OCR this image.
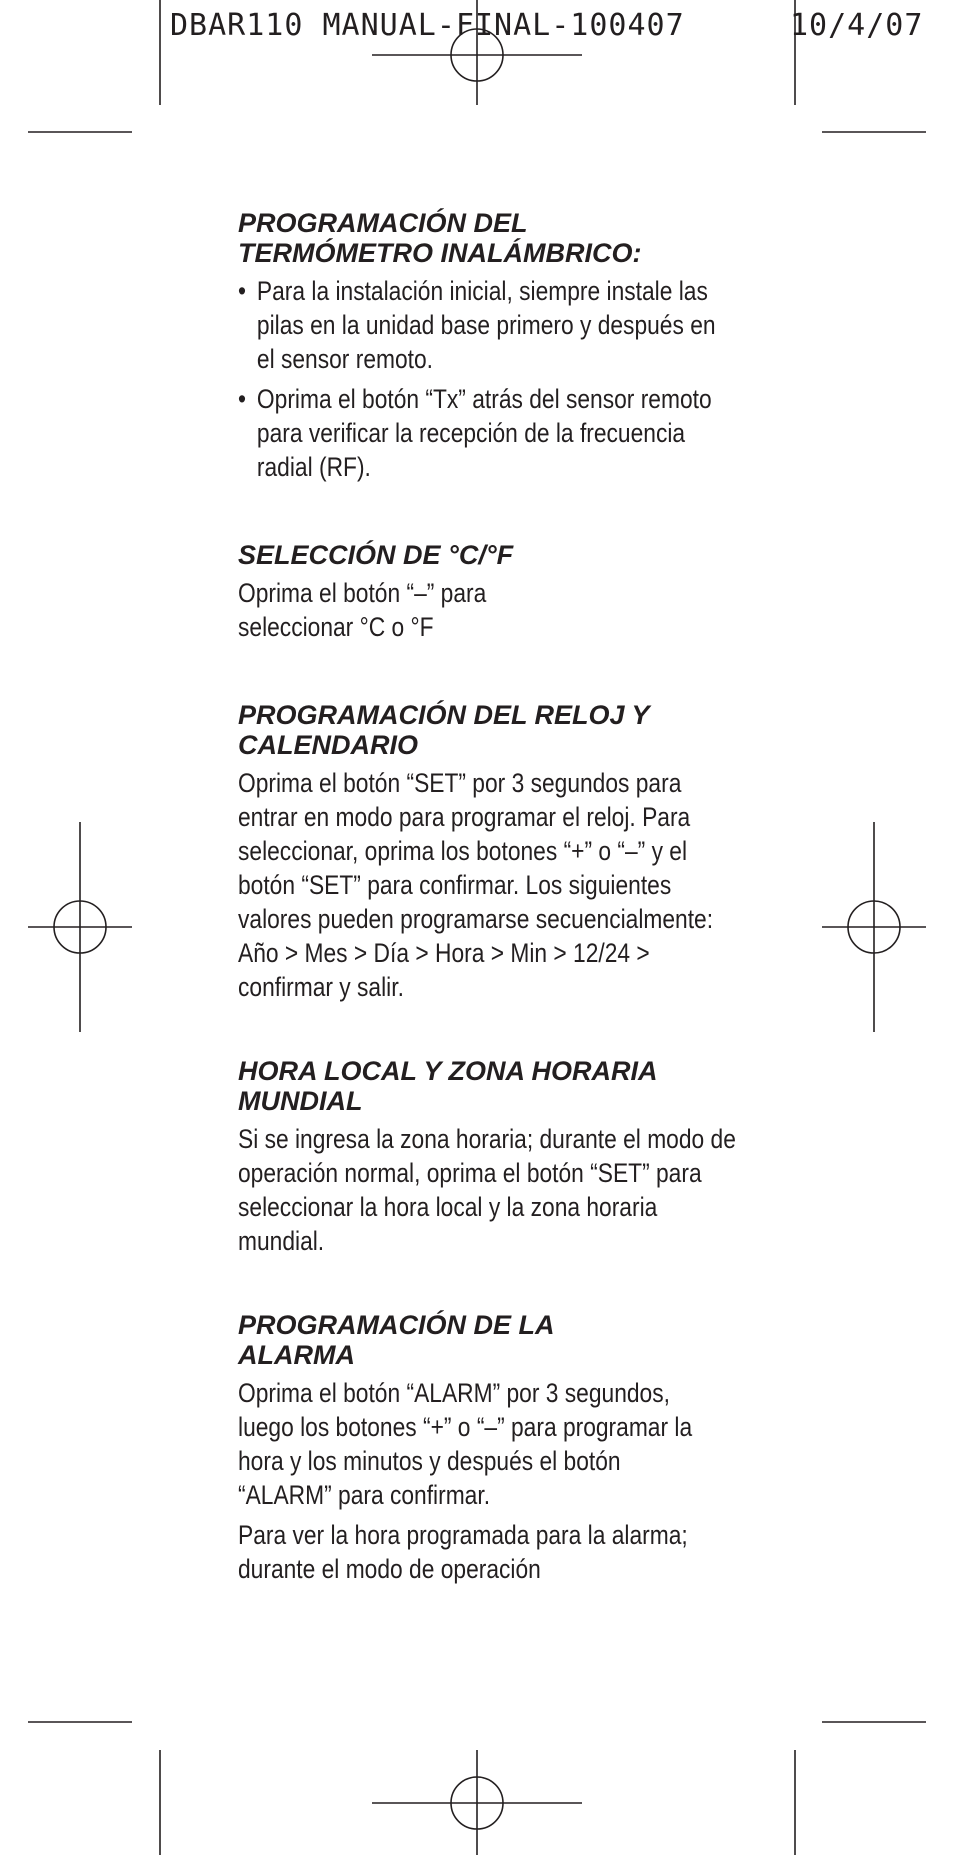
DBAR110 MANUAL-FINAL-100407	10/4/07
PROGRAMACIÓN DEL
TERMÓMETRO INALÁMBRICO:
• Para la instalación inicial, siempre instale las pilas en la unidad base primero y después en el sensor remoto.
• Oprima el botón “Tx” atrás del sensor remoto para verificar la recepción de la frecuencia radial (RF).
SELECCIÓN DE °C/°F

Oprima el botón “–” para seleccionar °C o °F

PROGRAMACIÓN DEL RELOJ Y
CALENDARIO

Oprima el botón “SET” por 3 segundos para entrar en modo para programar el reloj. Para seleccionar, oprima los botones “+” o “–” y el botón “SET” para confirmar. Los siguientes valores pueden programarse secuencialmente: Año > Mes > Día > Hora > Min > 12/24 > confirmar y salir.

HORA LOCAL Y ZONA HORARIA
MUNDIAL

Si se ingresa la zona horaria; durante el modo de operación normal, oprima el botón “SET” para seleccionar la hora local y la zona horaria mundial.

PROGRAMACIÓN DE LA
ALARMA

Oprima el botón “ALARM” por 3 segundos, luego los botones “+” o “–” para programar la hora y los minutos y después el botón “ALARM” para confirmar.

Para ver la hora programada para la alarma; durante el modo de operación
